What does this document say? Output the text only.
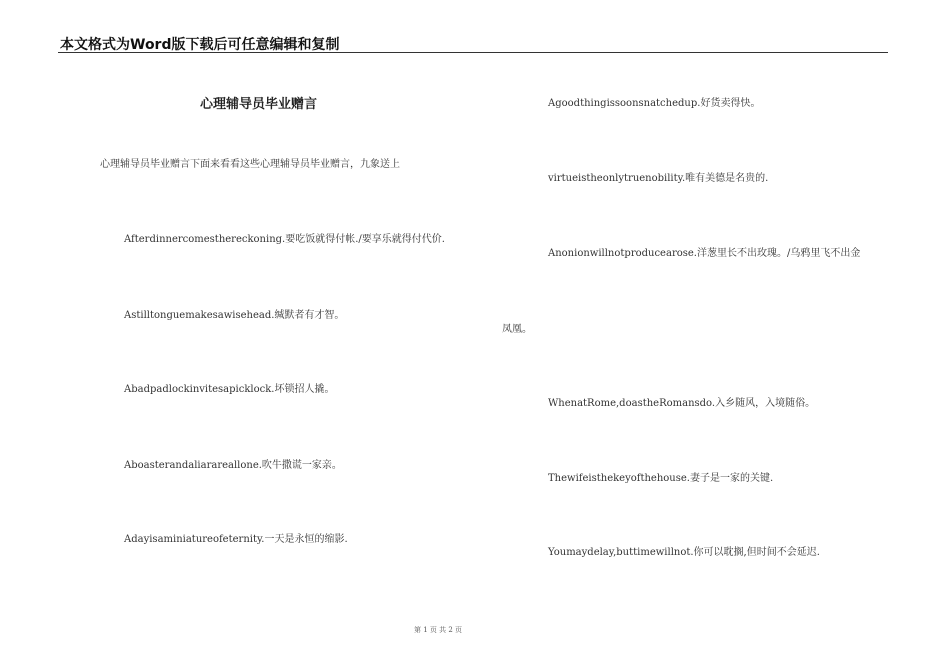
本文格式为Word版下载后可任意编辑和复制
心理辅导员毕业赠言
心理辅导员毕业赠言下面来看看这些心理辅导员毕业赠言，九象送上
Afterdinnercomesthereckoning.要吃饭就得付帐./要享乐就得付代价.
Astilltonguemakesawisehead.缄默者有才智。
Abadpadlockinvitesapicklock.坏锁招人撬。
Aboasterandaliarareallone.吹牛撒谎一家亲。
Adayisaminiatureofeternity.一天是永恒的缩影.
Agoodthingissoonsnatchedup.好货卖得快。
virtueistheonlytruenobility.唯有美德是名贵的.
Anonionwillnotproducearose.洋葱里长不出玫瑰。/乌鸦里飞不出金
凤凰。
WhenatRome,doastheRomansdo.入乡随风，入境随俗。
Thewifeisthekeyofthehouse.妻子是一家的关键.
Youmaydelay,buttimewillnot.你可以耽搁,但时间不会延迟.
第 1 页 共 2 页
